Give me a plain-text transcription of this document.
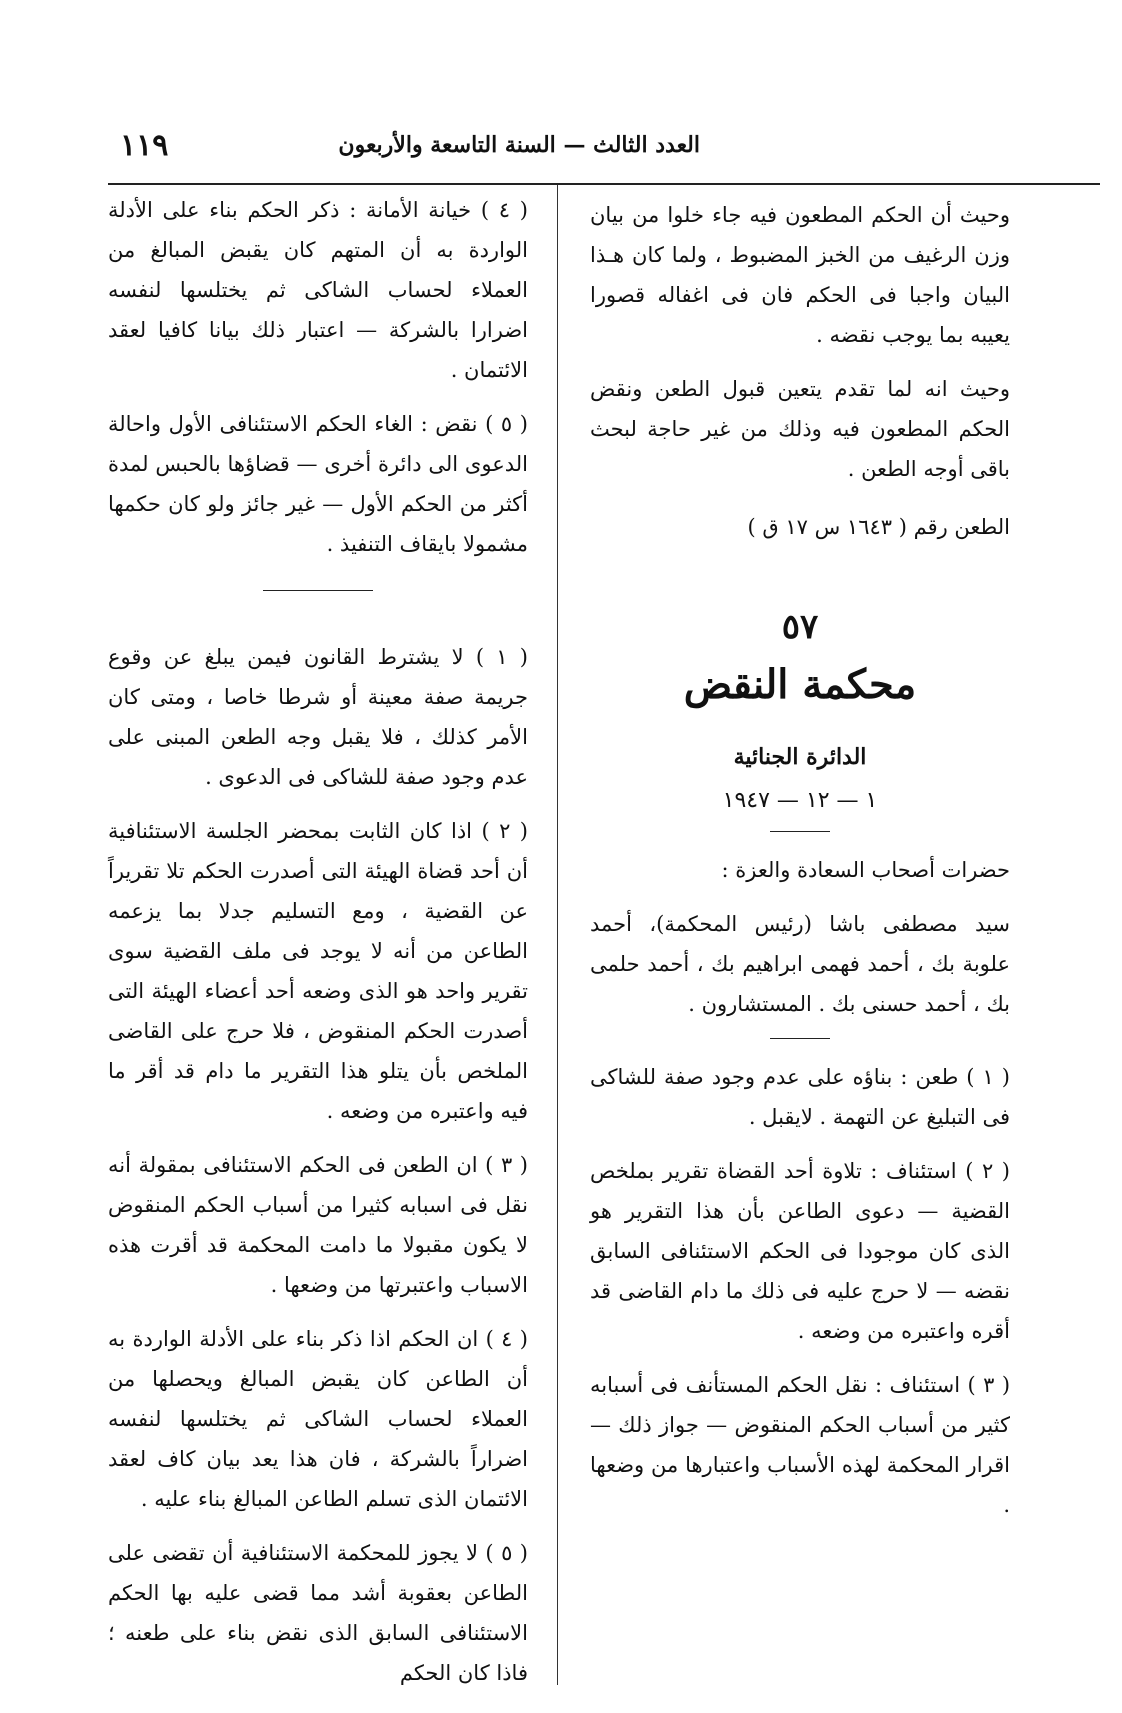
١١٩	العدد الثالث — السنة التاسعة والأربعون

وحيث أن الحكم المطعون فيه جاء خلوا من بيان وزن الرغيف من الخبز المضبوط ، ولما كان هـذا البيان واجبا فى الحكم فان فى اغفاله قصورا يعيبه بما يوجب نقضه .

وحيث انه لما تقدم يتعين قبول الطعن ونقض الحكم المطعون فيه وذلك من غير حاجة لبحث باقى أوجه الطعن .

الطعن رقم ( ١٦٤٣ س ١٧ ق )

٥٧
محكمة النقض
الدائرة الجنائية
١ — ١٢ — ١٩٤٧

حضرات أصحاب السعادة والعزة :

سيد مصطفى باشا (رئيس المحكمة)، أحمد علوبة بك ، أحمد فهمى ابراهيم بك ، أحمد حلمى بك ، أحمد حسنى بك . المستشارون .

( ١ ) طعن : بناؤه على عدم وجود صفة للشاكى فى التبليغ عن التهمة . لايقبل .

( ٢ ) استئناف : تلاوة أحد القضاة تقرير بملخص القضية — دعوى الطاعن بأن هذا التقرير هو الذى كان موجودا فى الحكم الاستئنافى السابق نقضه — لا حرج عليه فى ذلك ما دام القاضى قد أقره واعتبره من وضعه .

( ٣ ) استئناف : نقل الحكم المستأنف فى أسبابه كثير من أسباب الحكم المنقوض — جواز ذلك — اقرار المحكمة لهذه الأسباب واعتبارها من وضعها .

( ٤ ) خيانة الأمانة : ذكر الحكم بناء على الأدلة الواردة به أن المتهم كان يقبض المبالغ من العملاء لحساب الشاكى ثم يختلسها لنفسه اضرارا بالشركة — اعتبار ذلك بيانا كافيا لعقد الائتمان .

( ٥ ) نقض : الغاء الحكم الاستئنافى الأول واحالة الدعوى الى دائرة أخرى — قضاؤها بالحبس لمدة أكثر من الحكم الأول — غير جائز ولو كان حكمها مشمولا بايقاف التنفيذ .

( ١ ) لا يشترط القانون فيمن يبلغ عن وقوع جريمة صفة معينة أو شرطا خاصا ، ومتى كان الأمر كذلك ، فلا يقبل وجه الطعن المبنى على عدم وجود صفة للشاكى فى الدعوى .

( ٢ ) اذا كان الثابت بمحضر الجلسة الاستئنافية أن أحد قضاة الهيئة التى أصدرت الحكم تلا تقريراً عن القضية ، ومع التسليم جدلا بما يزعمه الطاعن من أنه لا يوجد فى ملف القضية سوى تقرير واحد هو الذى وضعه أحد أعضاء الهيئة التى أصدرت الحكم المنقوض ، فلا حرج على القاضى الملخص بأن يتلو هذا التقرير ما دام قد أقر ما فيه واعتبره من وضعه .

( ٣ ) ان الطعن فى الحكم الاستئنافى بمقولة أنه نقل فى اسبابه كثيرا من أسباب الحكم المنقوض لا يكون مقبولا ما دامت المحكمة قد أقرت هذه الاسباب واعتبرتها من وضعها .

( ٤ ) ان الحكم اذا ذكر بناء على الأدلة الواردة به أن الطاعن كان يقبض المبالغ ويحصلها من العملاء لحساب الشاكى ثم يختلسها لنفسه اضراراً بالشركة ، فان هذا يعد بيان كاف لعقد الائتمان الذى تسلم الطاعن المبالغ بناء عليه .

( ٥ ) لا يجوز للمحكمة الاستئنافية أن تقضى على الطاعن بعقوبة أشد مما قضى عليه بها الحكم الاستئنافى السابق الذى نقض بناء على طعنه ؛ فاذا كان الحكم
